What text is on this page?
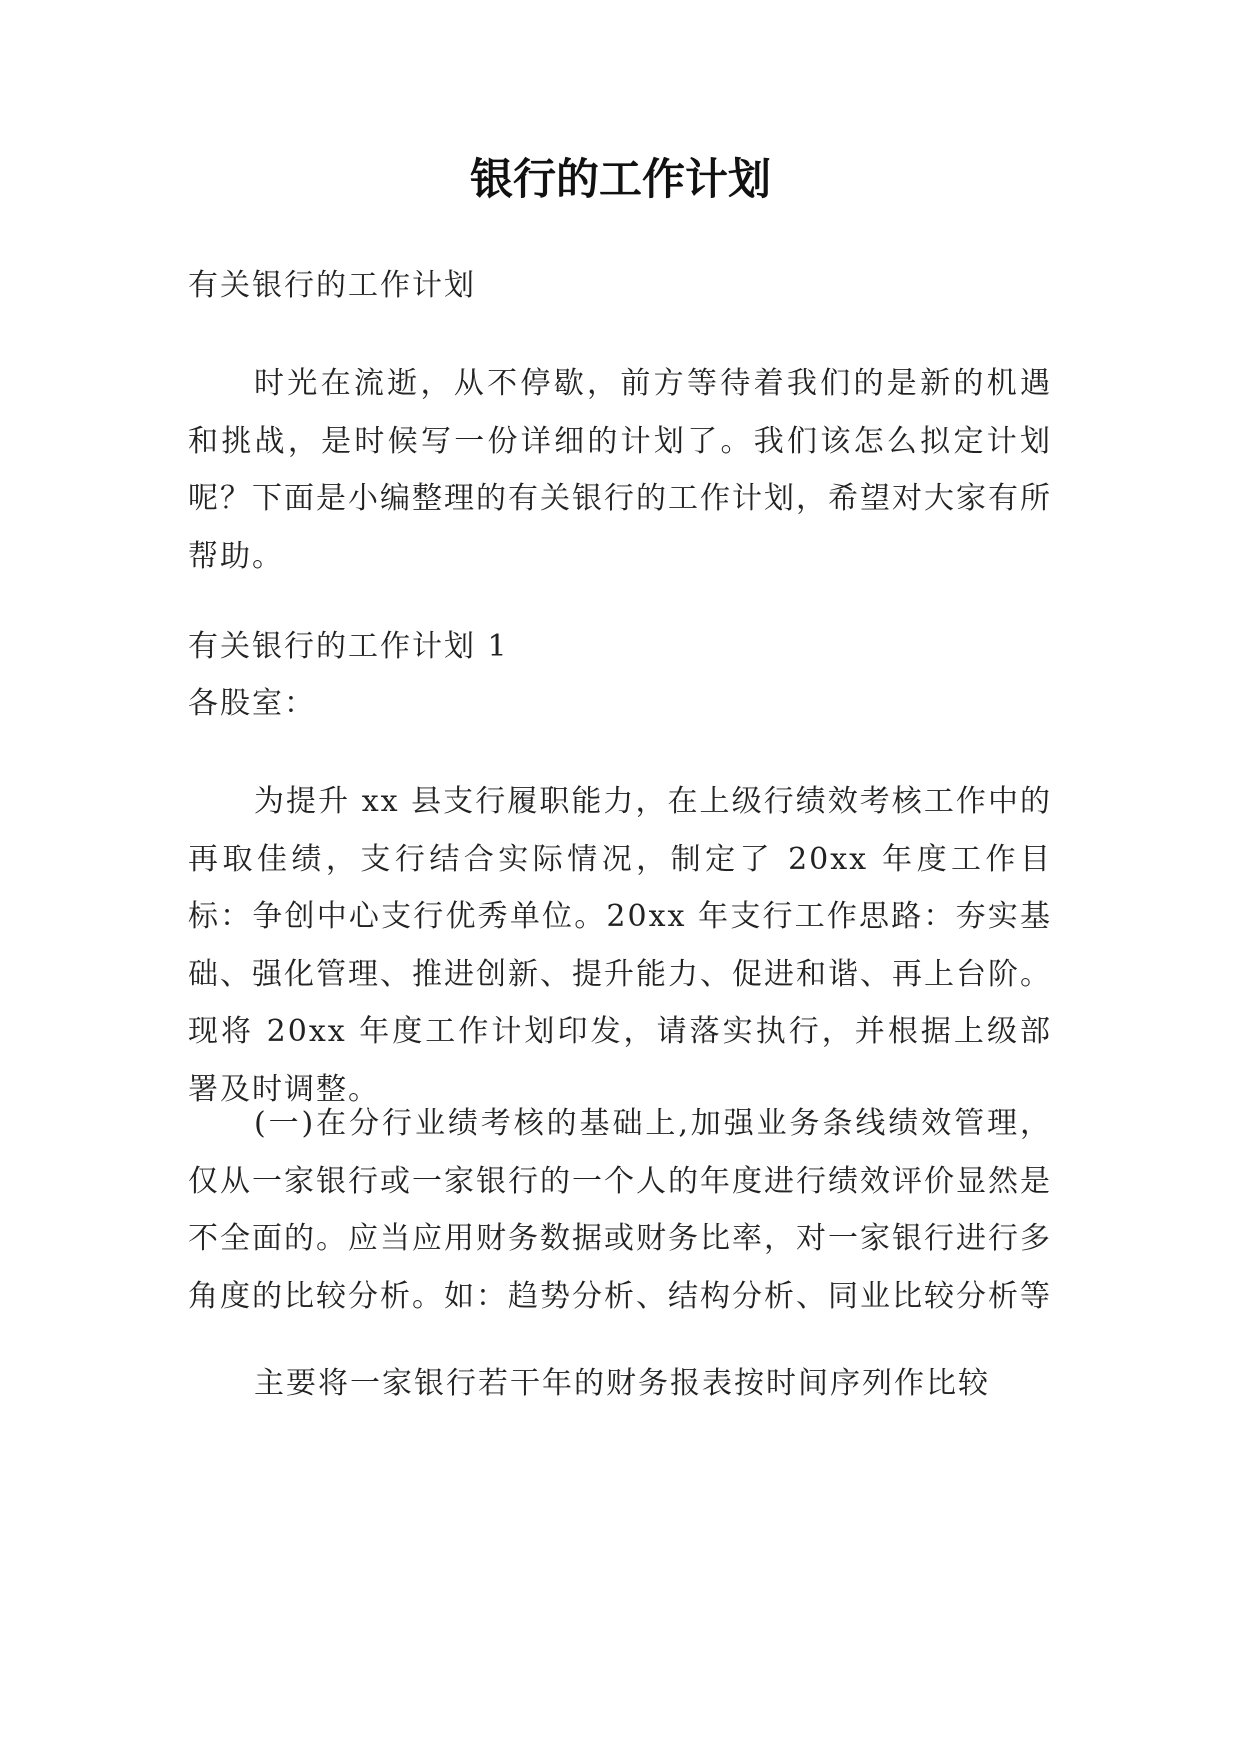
银行的工作计划

有关银行的工作计划

时光在流逝，从不停歇，前方等待着我们的是新的机遇和挑战，是时候写一份详细的计划了。我们该怎么拟定计划呢？下面是小编整理的有关银行的工作计划，希望对大家有所帮助。

有关银行的工作计划 1

各股室：

为提升 xx 县支行履职能力，在上级行绩效考核工作中的再取佳绩，支行结合实际情况，制定了 20xx 年度工作目标：争创中心支行优秀单位。20xx 年支行工作思路：夯实基础、强化管理、推进创新、提升能力、促进和谐、再上台阶。现将 20xx 年度工作计划印发，请落实执行，并根据上级部署及时调整。

(一)在分行业绩考核的基础上,加强业务条线绩效管理，仅从一家银行或一家银行的一个人的年度进行绩效评价显然是不全面的。应当应用财务数据或财务比率，对一家银行进行多角度的比较分析。如：趋势分析、结构分析、同业比较分析等

主要将一家银行若干年的财务报表按时间序列作比较
